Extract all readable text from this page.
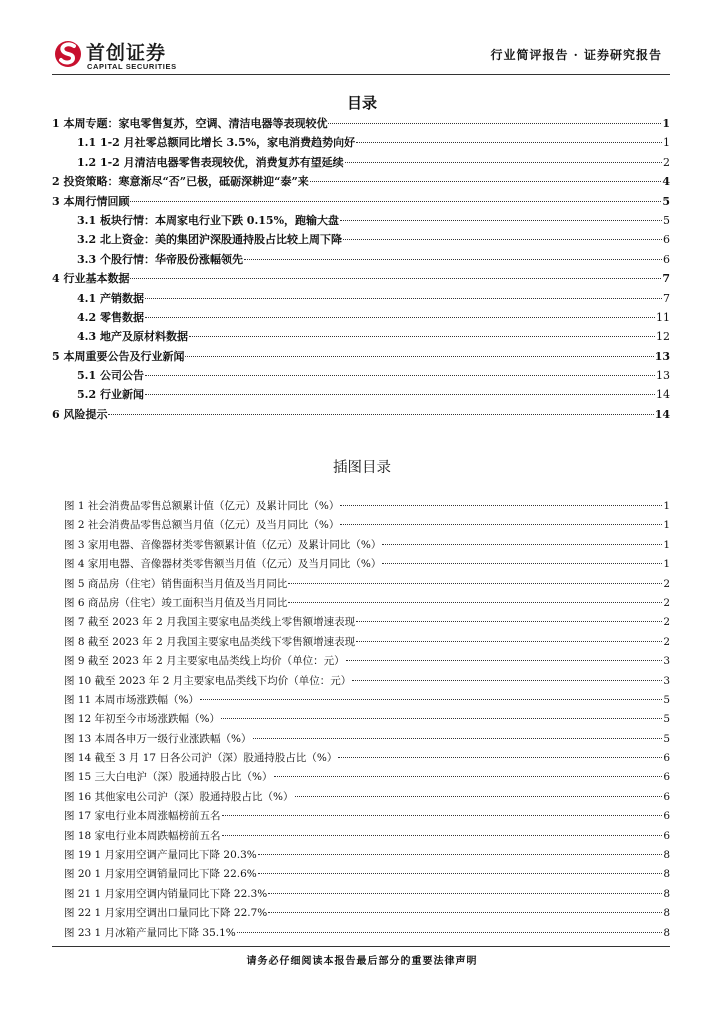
首创证券
CAPITAL SECURITIES
行业简评报告 · 证券研究报告
目录
1 本周专题：家电零售复苏，空调、清洁电器等表现较优	1
1.1 1-2 月社零总额同比增长 3.5%，家电消费趋势向好	1
1.2 1-2 月清洁电器零售表现较优，消费复苏有望延续	2
2 投资策略：寒意渐尽“否”已极，砥砺深耕迎“泰”来	4
3 本周行情回顾	5
3.1 板块行情：本周家电行业下跌 0.15%，跑输大盘	5
3.2 北上资金：美的集团沪深股通持股占比较上周下降	6
3.3 个股行情：华帝股份涨幅领先	6
4 行业基本数据	7
4.1 产销数据	7
4.2 零售数据	11
4.3 地产及原材料数据	12
5 本周重要公告及行业新闻	13
5.1 公司公告	13
5.2 行业新闻	14
6 风险提示	14
插图目录
图 1 社会消费品零售总额累计值（亿元）及累计同比（%）	1
图 2 社会消费品零售总额当月值（亿元）及当月同比（%）	1
图 3 家用电器、音像器材类零售额累计值（亿元）及累计同比（%）	1
图 4 家用电器、音像器材类零售额当月值（亿元）及当月同比（%）	1
图 5 商品房（住宅）销售面积当月值及当月同比	2
图 6 商品房（住宅）竣工面积当月值及当月同比	2
图 7 截至 2023 年 2 月我国主要家电品类线上零售额增速表现	2
图 8 截至 2023 年 2 月我国主要家电品类线下零售额增速表现	2
图 9 截至 2023 年 2 月主要家电品类线上均价（单位：元）	3
图 10 截至 2023 年 2 月主要家电品类线下均价（单位：元）	3
图 11 本周市场涨跌幅（%）	5
图 12 年初至今市场涨跌幅（%）	5
图 13 本周各申万一级行业涨跌幅（%）	5
图 14 截至 3 月 17 日各公司沪（深）股通持股占比（%）	6
图 15 三大白电沪（深）股通持股占比（%）	6
图 16 其他家电公司沪（深）股通持股占比（%）	6
图 17 家电行业本周涨幅榜前五名	6
图 18 家电行业本周跌幅榜前五名	6
图 19 1 月家用空调产量同比下降 20.3%	8
图 20 1 月家用空调销量同比下降 22.6%	8
图 21 1 月家用空调内销量同比下降 22.3%	8
图 22 1 月家用空调出口量同比下降 22.7%	8
图 23 1 月冰箱产量同比下降 35.1%	8
请务必仔细阅读本报告最后部分的重要法律声明
